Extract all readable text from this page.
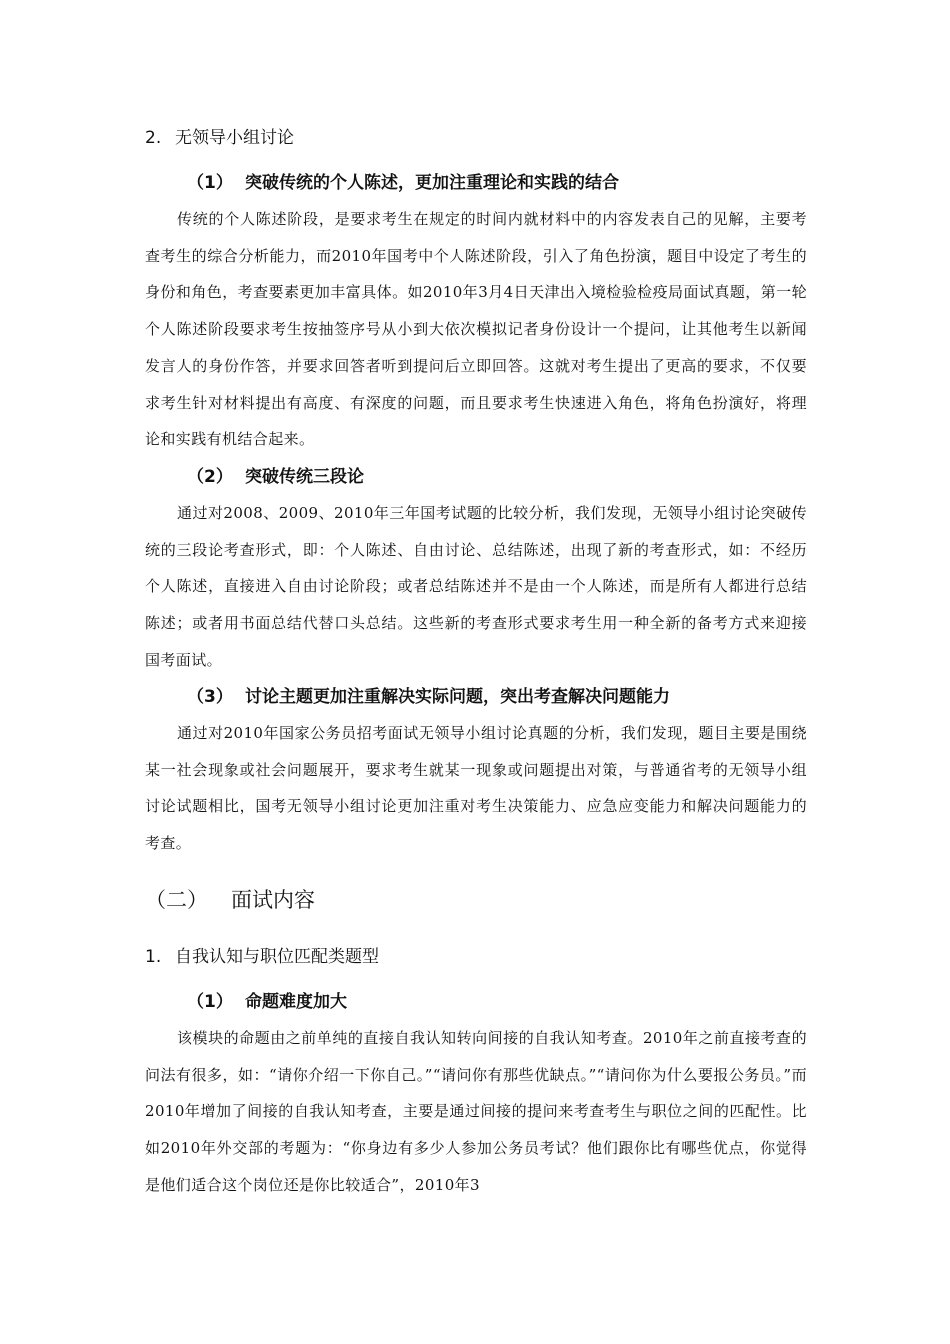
2. 无领导小组讨论
（1） 突破传统的个人陈述，更加注重理论和实践的结合

传统的个人陈述阶段，是要求考生在规定的时间内就材料中的内容发表自己的见解，主要考查考生的综合分析能力，而2010年国考中个人陈述阶段，引入了角色扮演，题目中设定了考生的身份和角色，考查要素更加丰富具体。如2010年3月4日天津出入境检验检疫局面试真题，第一轮个人陈述阶段要求考生按抽签序号从小到大依次模拟记者身份设计一个提问，让其他考生以新闻发言人的身份作答，并要求回答者听到提问后立即回答。这就对考生提出了更高的要求，不仅要求考生针对材料提出有高度、有深度的问题，而且要求考生快速进入角色，将角色扮演好，将理论和实践有机结合起来。

（2） 突破传统三段论

通过对2008、2009、2010年三年国考试题的比较分析，我们发现，无领导小组讨论突破传统的三段论考查形式，即：个人陈述、自由讨论、总结陈述，出现了新的考查形式，如：不经历个人陈述，直接进入自由讨论阶段；或者总结陈述并不是由一个人陈述，而是所有人都进行总结陈述；或者用书面总结代替口头总结。这些新的考查形式要求考生用一种全新的备考方式来迎接国考面试。

（3） 讨论主题更加注重解决实际问题，突出考查解决问题能力

通过对2010年国家公务员招考面试无领导小组讨论真题的分析，我们发现，题目主要是围绕某一社会现象或社会问题展开，要求考生就某一现象或问题提出对策，与普通省考的无领导小组讨论试题相比，国考无领导小组讨论更加注重对考生决策能力、应急应变能力和解决问题能力的考查。

（二） 面试内容
1. 自我认知与职位匹配类题型
（1） 命题难度加大

该模块的命题由之前单纯的直接自我认知转向间接的自我认知考查。2010年之前直接考查的问法有很多，如：“请你介绍一下你自己。”“请问你有那些优缺点。”“请问你为什么要报公务员。”而2010年增加了间接的自我认知考查，主要是通过间接的提问来考查考生与职位之间的匹配性。比如2010年外交部的考题为：“你身边有多少人参加公务员考试？他们跟你比有哪些优点，你觉得是他们适合这个岗位还是你比较适合”，2010年3
